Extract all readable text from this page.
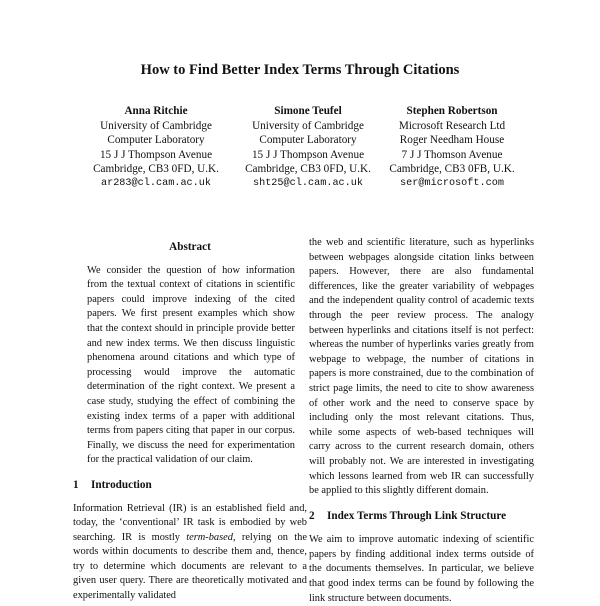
How to Find Better Index Terms Through Citations
Anna Ritchie
University of Cambridge
Computer Laboratory
15 J J Thompson Avenue
Cambridge, CB3 0FD, U.K.
ar283@cl.cam.ac.uk
Simone Teufel
University of Cambridge
Computer Laboratory
15 J J Thompson Avenue
Cambridge, CB3 0FD, U.K.
sht25@cl.cam.ac.uk
Stephen Robertson
Microsoft Research Ltd
Roger Needham House
7 J J Thomson Avenue
Cambridge, CB3 0FB, U.K.
ser@microsoft.com
Abstract

We consider the question of how information from the textual context of citations in scientific papers could improve indexing of the cited papers. We first present examples which show that the context should in principle provide better and new index terms. We then discuss linguistic phenomena around citations and which type of processing would improve the automatic determination of the right context. We present a case study, studying the effect of combining the existing index terms of a paper with additional terms from papers citing that paper in our corpus. Finally, we discuss the need for experimentation for the practical validation of our claim.

1 Introduction

Information Retrieval (IR) is an established field and, today, the ‘conventional’ IR task is embodied by web searching. IR is mostly term-based, relying on the words within documents to describe them and, thence, try to determine which documents are relevant to a given user query. There are theoretically motivated and experimentally validated

the web and scientific literature, such as hyperlinks between webpages alongside citation links between papers. However, there are also fundamental differences, like the greater variability of webpages and the independent quality control of academic texts through the peer review process. The analogy between hyperlinks and citations itself is not perfect: whereas the number of hyperlinks varies greatly from webpage to webpage, the number of citations in papers is more constrained, due to the combination of strict page limits, the need to cite to show awareness of other work and the need to conserve space by including only the most relevant citations. Thus, while some aspects of web-based techniques will carry across to the current research domain, others will probably not. We are interested in investigating which lessons learned from web IR can successfully be applied to this slightly different domain.

2 Index Terms Through Link Structure

We aim to improve automatic indexing of scientific papers by finding additional index terms outside of the documents themselves. In particular, we believe that good index terms can be found by following the link structure between documents.
